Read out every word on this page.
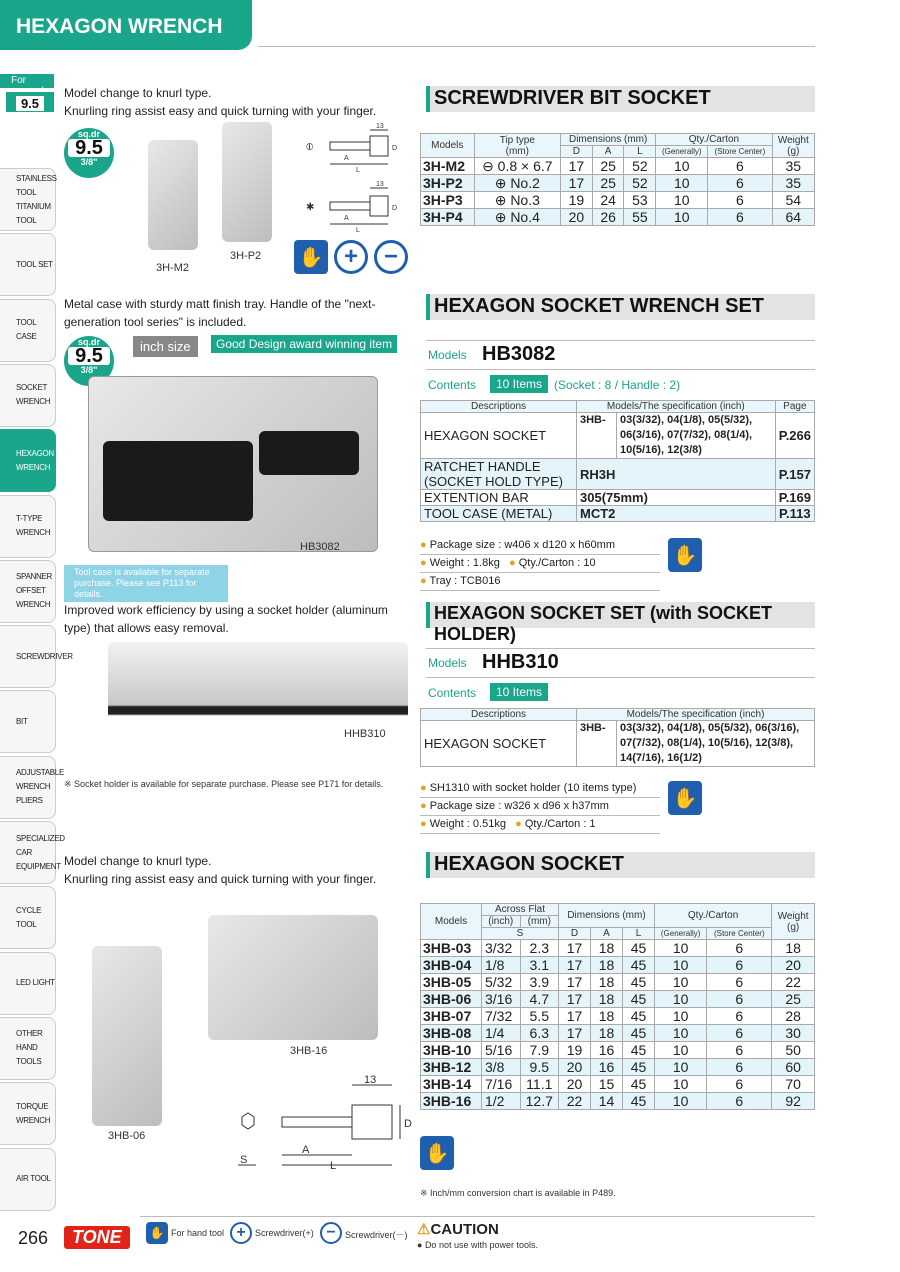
HEXAGON WRENCH
For
9.5
STAINLESS TOOL
TITANIUM TOOL
TOOL SET
TOOL CASE
SOCKET
WRENCH
HEXAGON
WRENCH
T-TYPE
WRENCH
SPANNER
OFFSET WRENCH
SCREWDRIVER
BIT
ADJUSTABLE
WRENCH
PLIERS
SPECIALIZED
CAR EQUIPMENT
CYCLE TOOL
LED LIGHT
OTHER HAND
TOOLS
TORQUE
WRENCH
AIR TOOL
Model change to knurl type.
Knurling ring assist easy and quick turning with your finger.
sq.dr
9.5
3/8"
3H-M2
3H-P2
⦶
✱
13
13
D
D
A
A
L
L
✋ +	−
SCREWDRIVER BIT SOCKET
Models	Tip type
(mm)	Dimensions (mm)			Qty./Carton		Weight
(g)
		D	A	L	(Generally)	(Store Center)	
3H-M2	⊖ 0.8 × 6.7	17	25	52	10	6	35
3H-P2	⊕ No.2	17	25	52	10	6	35
3H-P3	⊕ No.3	19	24	53	10	6	54
3H-P4	⊕ No.4	20	26	55	10	6	64
Metal case with sturdy matt finish tray. Handle of the "next-
generation tool series" is included.
sq.dr
9.5
3/8"
inch size	Good Design award winning item
HB3082
Tool case is available for separate
purchase. Please see P113 for details.
HEXAGON SOCKET WRENCH SET
Models HB3082
Contents	10 Items (Socket : 8 / Handle : 2)
Descriptions	Models/The specification (inch)		Page
HEXAGON SOCKET	3HB-	03(3/32), 04(1/8), 05(5/32), 06(3/16), 07(7/32), 08(1/4), 10(5/16), 12(3/8)	P.266
RATCHET HANDLE (SOCKET HOLD TYPE)	RH3H		P.157
EXTENTION BAR	305(75mm)		P.169
TOOL CASE (METAL)	MCT2		P.113
● Package size : w406 x d120 x h60mm
● Weight : 1.8kg ● Qty./Carton : 10
● Tray : TCB016
✋
Improved work efficiency by using a socket holder (aluminum
type) that allows easy removal.
HHB310
※ Socket holder is available for separate purchase. Please see P171 for details.
HEXAGON SOCKET SET (with SOCKET HOLDER)
Models HHB310
Contents	10 Items
Descriptions	Models/The specification (inch)	
HEXAGON SOCKET	3HB-	03(3/32), 04(1/8), 05(5/32), 06(3/16), 07(7/32), 08(1/4), 10(5/16), 12(3/8), 14(7/16), 16(1/2)
● SH1310 with socket holder (10 items type)
● Package size : w326 x d96 x h37mm
● Weight : 0.51kg ● Qty./Carton : 1
✋
Model change to knurl type.
Knurling ring assist easy and quick turning with your finger.
3HB-16
3HB-06
13
D
A
L
S	✋
HEXAGON SOCKET
Models	Across Flat		Dimensions (mm)			Qty./Carton		Weight
(g)
	(inch)	(mm)						
	S		D	A	L	(Generally)	(Store Center)	
3HB-03	3/32	2.3	17	18	45	10	6	18
3HB-04	1/8	3.1	17	18	45	10	6	20
3HB-05	5/32	3.9	17	18	45	10	6	22
3HB-06	3/16	4.7	17	18	45	10	6	25
3HB-07	7/32	5.5	17	18	45	10	6	28
3HB-08	1/4	6.3	17	18	45	10	6	30
3HB-10	5/16	7.9	19	16	45	10	6	50
3HB-12	3/8	9.5	20	16	45	10	6	60
3HB-14	7/16	11.1	20	15	45	10	6	70
3HB-16	1/2	12.7	22	14	45	10	6	92
※ Inch/mm conversion chart is available in P489.
266	TONE	✋ For hand tool +	Screwdriver(+) −	Screwdriver(－) ⚠CAUTION
● Do not use with power tools.
